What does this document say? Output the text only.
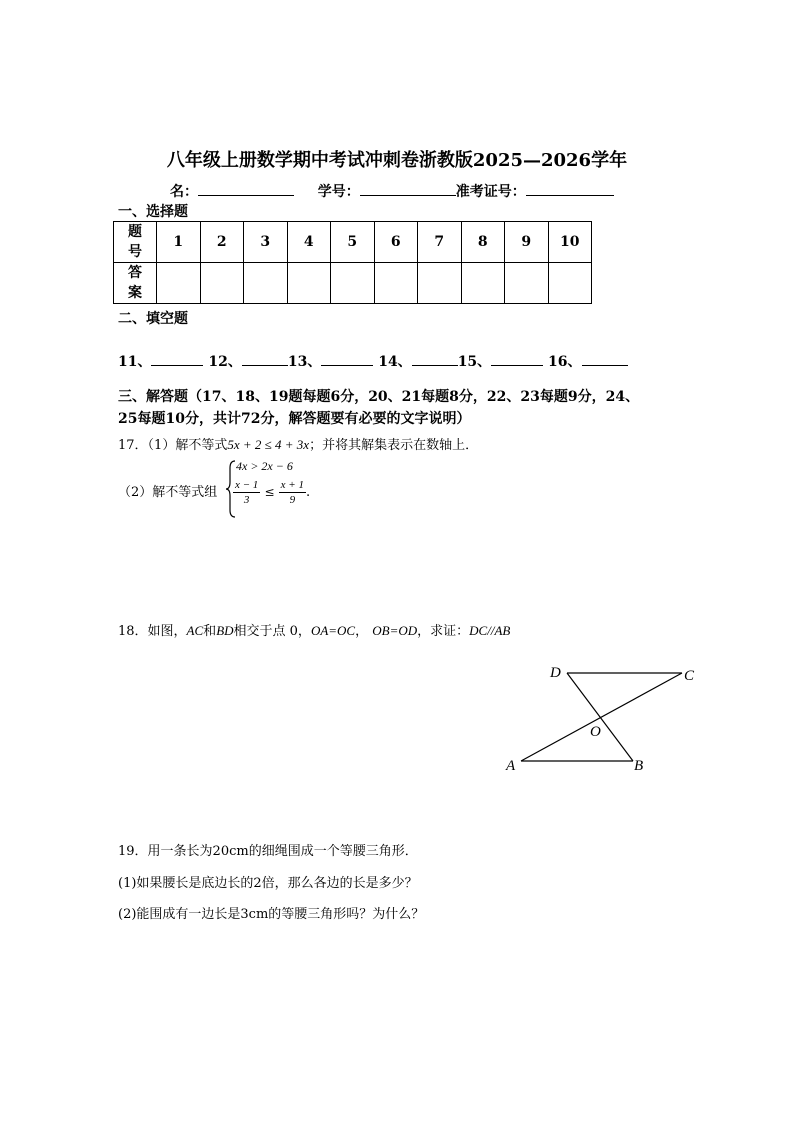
八年级上册数学期中考试冲刺卷浙教版2025—2026学年
名：	学号：	准考证号：
一、选择题
题号	1	2	3	4	5	6	7	8	9	10
答案										
二、填空题
11、	12、	13、	14、	15、	16、
三、解答题（17、18、19题每题6分，20、21每题8分，22、23每题9分，24、
25每题10分，共计72分，解答题要有必要的文字说明）
17．（1）解不等式5x + 2 ≤ 4 + 3x；并将其解集表示在数轴上．
（2）解不等式组
4x > 2x − 6
$\frac{x - 1}{3} \le \frac{x + 1}{9}$ .
18．如图，AC和BD相交于点 0，OA=OC， OB=OD，求证：DC//AB
D	C
O
A	B
19．用一条长为20cm的细绳围成一个等腰三角形．
(1)如果腰长是底边长的2倍，那么各边的长是多少？
(2)能围成有一边长是3cm的等腰三角形吗？为什么？
